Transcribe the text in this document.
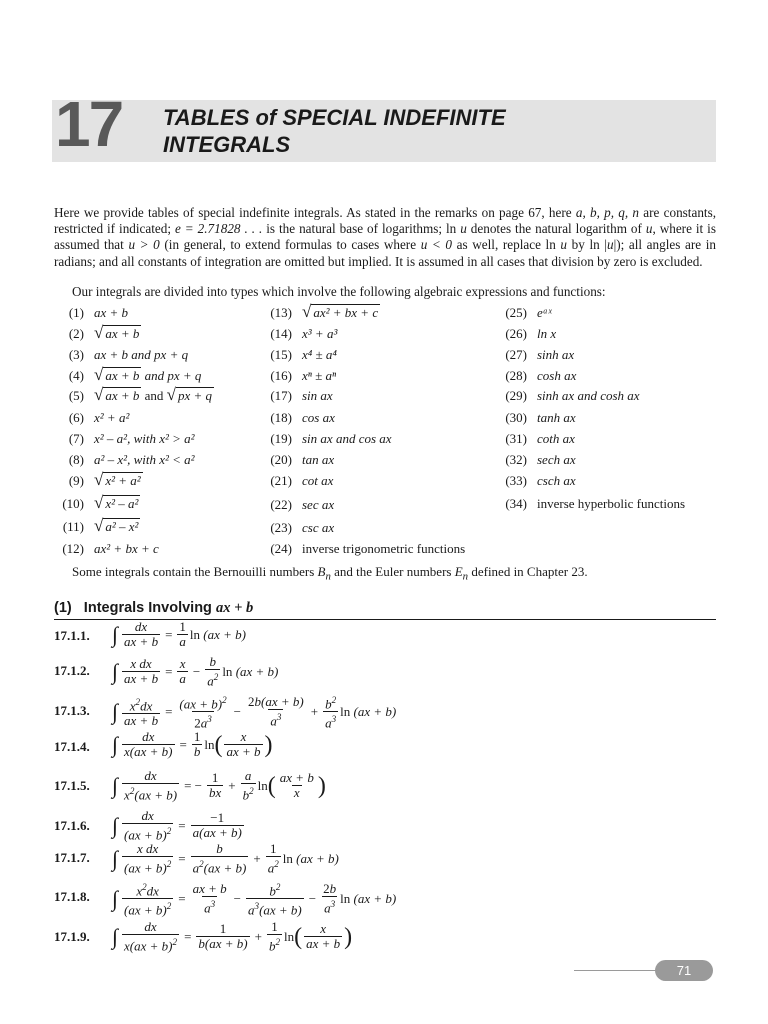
17 TABLES of SPECIAL INDEFINITE
INTEGRALS
Here we provide tables of special indefinite integrals. As stated in the remarks on page 67, here a, b, p, q, n are constants, restricted if indicated; e = 2.71828 . . . is the natural base of logarithms; ln u denotes the natural logarithm of u, where it is assumed that u > 0 (in general, to extend formulas to cases where u < 0 as well, replace ln u by ln |u|); all angles are in radians; and all constants of integration are omitted but implied. It is assumed in all cases that division by zero is excluded.
Our integrals are divided into types which involve the following algebraic expressions and functions:
(1) ax + b
(2) √ ax + b
(3) ax + b and px + q
(4) √ ax + b and px + q
(5) √ ax + b and √ px + q
(6) x² + a²
(7) x² – a², with x² > a²
(8) a² – x², with x² < a²
(9) √ x² + a²
(10) √ x² – a²
(11) √ a² – x²
(12) ax² + bx + c
(13) √ ax² + bx + c
(14) x³ + a³
(15) x⁴ ± a⁴
(16) xⁿ ± aⁿ
(17) sin ax
(18) cos ax
(19) sin ax and cos ax
(20) tan ax
(21) cot ax
(22) sec ax
(23) csc ax
(24) inverse trigonometric functions
(25) eᵃˣ
(26) ln x
(27) sinh ax
(28) cosh ax
(29) sinh ax and cosh ax
(30) tanh ax
(31) coth ax
(32) sech ax
(33) csch ax
(34) inverse hyperbolic functions
Some integrals contain the Bernouilli numbers $B_n$ and the Euler numbers $E_n$ defined in Chapter 23.
(1)   Integrals Involving ax + b
17.1.1. ∫ $\frac{dx}{ax + b} = \frac{1}{a}$ ln (ax + b)
17.1.2. ∫ $\frac{\text{x dx}}{ax + b} = \frac{x}{a} - \frac{b}{a^2}$ ln (ax + b)
17.1.3. ∫ $\frac{x^2dx}{ax + b} = \frac{(ax + b)^2}{2a^3} - \frac{2b(ax + b)}{a^3} + \frac{b^2}{a^3}$ ln (ax + b)
17.1.4. ∫ $\frac{dx}{x(ax + b)} = \frac{1}{b}$ ln ( $\frac{x}{ax + b}$ )
17.1.5. ∫ $\frac{dx}{x^2(ax + b)}$ = − $\frac{1}{bx} + \frac{a}{b^2}$ ln ( $\frac{ax + b}{x}$ )
17.1.6. ∫ $\frac{dx}{(ax + b)^2} = \frac{-1}{a(ax + b)}$
17.1.7. ∫ $\frac{\text{x dx}}{(ax + b)^2} = \frac{b}{a^2(ax + b)} + \frac{1}{a^2}$ ln (ax + b)
17.1.8. ∫ $\frac{x^2dx}{(ax + b)^2} = \frac{ax + b}{a^3} - \frac{b^2}{a^3(ax + b)} - \frac{2b}{a^3}$ ln (ax + b)
17.1.9. ∫ $\frac{dx}{x(ax + b)^2} = \frac{1}{b(ax + b)} + \frac{1}{b^2}$ ln ( $\frac{x}{ax + b}$ )
71
